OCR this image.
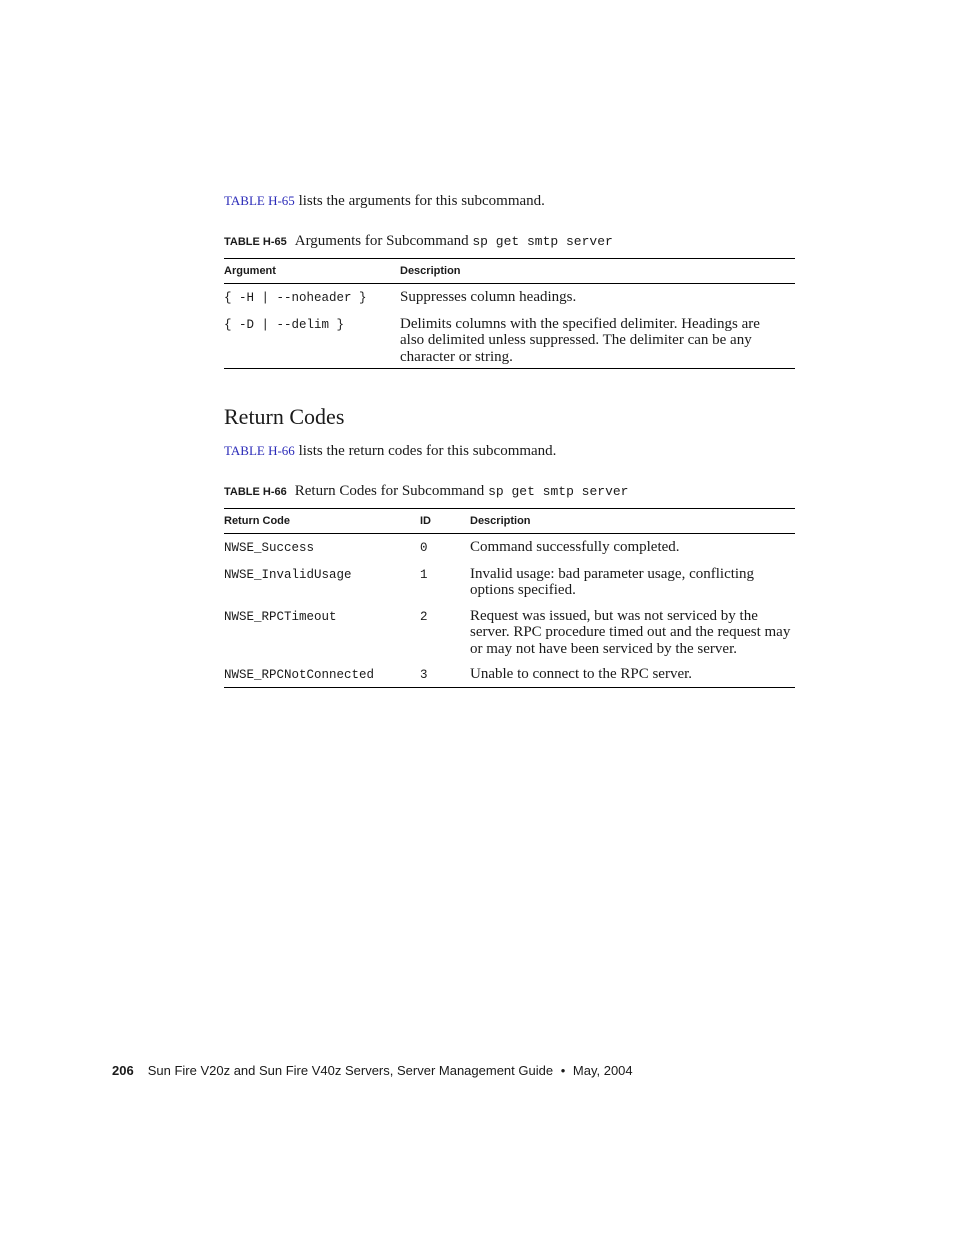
TABLE H-65 lists the arguments for this subcommand.

TABLE H-65 Arguments for Subcommand sp get smtp server
Argument	Description
{ -H | --noheader }	Suppresses column headings.
{ -D | --delim }	Delimits columns with the specified delimiter. Headings are also delimited unless suppressed. The delimiter can be any character or string.
Return Codes

TABLE H-66 lists the return codes for this subcommand.

TABLE H-66 Return Codes for Subcommand sp get smtp server
Return Code	ID	Description
NWSE_Success	0	Command successfully completed.
NWSE_InvalidUsage	1	Invalid usage: bad parameter usage, conflicting options specified.
NWSE_RPCTimeout	2	Request was issued, but was not serviced by the server. RPC procedure timed out and the request may or may not have been serviced by the server.
NWSE_RPCNotConnected	3	Unable to connect to the RPC server.
206 Sun Fire V20z and Sun Fire V40z Servers, Server Management Guide • May, 2004
